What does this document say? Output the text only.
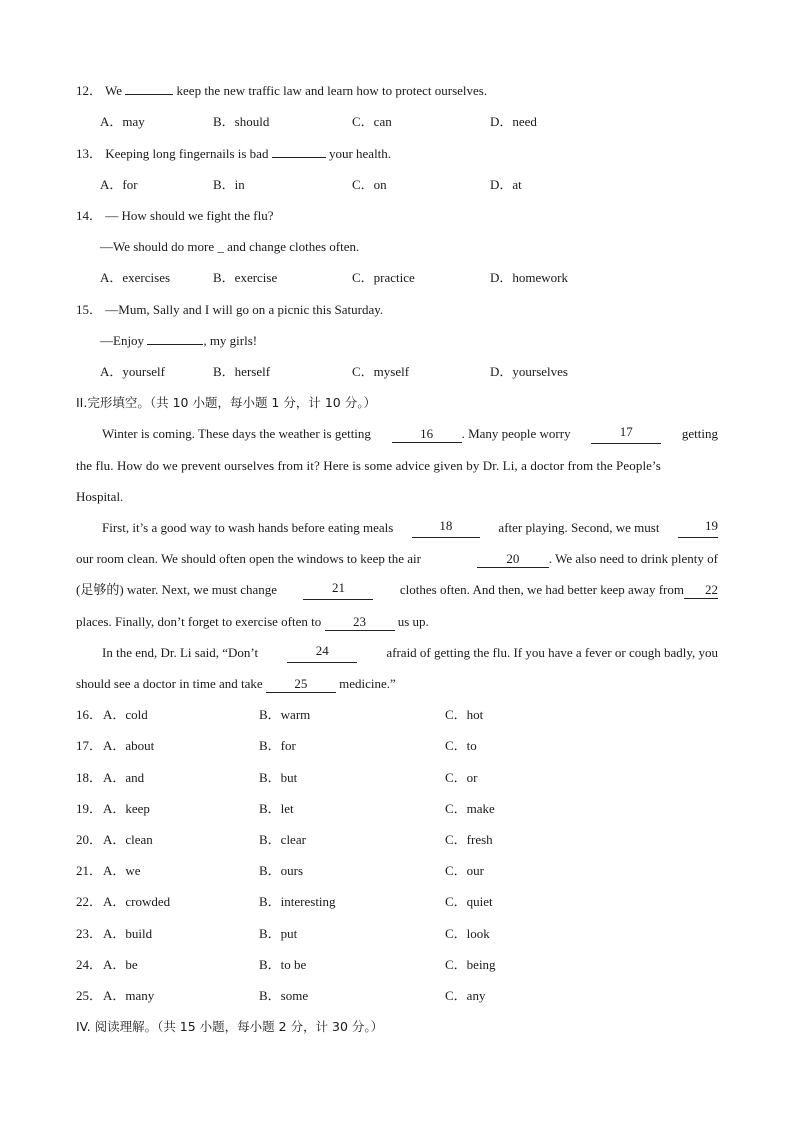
12． We	keep the new traffic law and learn how to protect ourselves.
A．may	B．should	C．can	D．need
13． Keeping long fingernails is bad	your health.
A．for	B．in	C．on	D．at
14． — How should we fight the flu?
—We should do more _ and change clothes often.
A．exercises	B．exercise	C．practice	D．homework
15． —Mum, Sally and I will go on a picnic this Saturday.
—Enjoy	, my girls!
A．yourself	B．herself	C．myself	D．yourselves
II.完形填空。（共 10 小题，每小题 1 分，计 10 分。）
Winter is coming. These days the weather is getting	16 . Many people worry	17	getting
the flu. How do we prevent ourselves from it? Here is some advice given by Dr. Li, a doctor from the People’s
Hospital.
First, it’s a good way to wash hands before eating meals	18	after playing. Second, we must	19
our room clean. We should often open the windows to keep the air	20 . We also need to drink plenty of
(足够的) water. Next, we must change	21	clothes often. And then, we had better keep away from 22
places. Finally, don’t forget to exercise often to 23 us up.
In the end, Dr. Li said, “Don’t	24	afraid of getting the flu. If you have a fever or cough badly, you
should see a doctor in time and take 25 medicine.”
16． A．cold	B．warm	C．hot
17． A．about	B．for	C．to
18． A．and	B．but	C．or
19． A．keep	B．let	C．make
20． A．clean	B．clear	C．fresh
21． A．we	B．ours	C．our
22． A．crowded	B．interesting	C．quiet
23． A．build	B．put	C．look
24． A．be	B．to be	C．being
25． A．many	B．some	C．any
IV. 阅读理解。（共 15 小题，每小题 2 分，计 30 分。）
